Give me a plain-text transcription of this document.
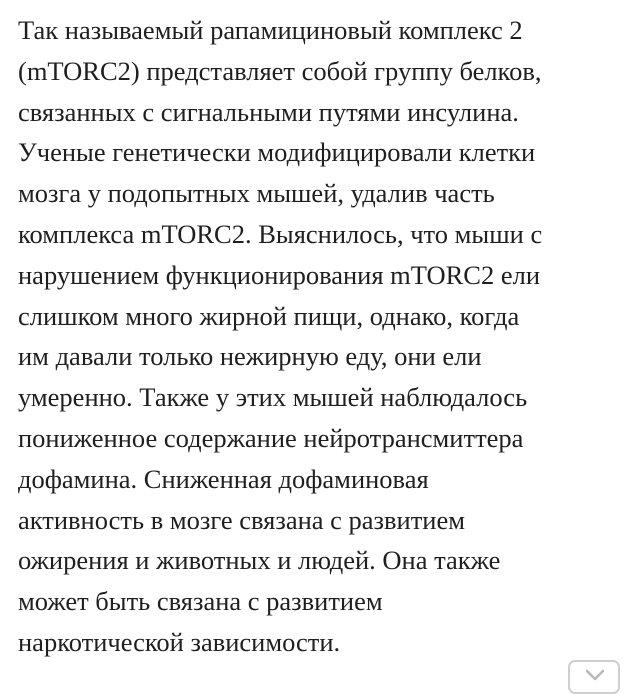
Так называемый рапамициновый комплекс 2
(mTORC2) представляет собой группу белков,
связанных с сигнальными путями инсулина.
Ученые генетически модифицировали клетки
мозга у подопытных мышей, удалив часть
комплекса mTORC2. Выяснилось, что мыши с
нарушением функционирования mTORC2 ели
слишком много жирной пищи, однако, когда
им давали только нежирную еду, они ели
умеренно. Также у этих мышей наблюдалось
пониженное содержание нейротрансмиттера
дофамина. Сниженная дофаминовая
активность в мозге связана с развитием
ожирения и животных и людей. Она также
может быть связана с развитием
наркотической зависимости.
